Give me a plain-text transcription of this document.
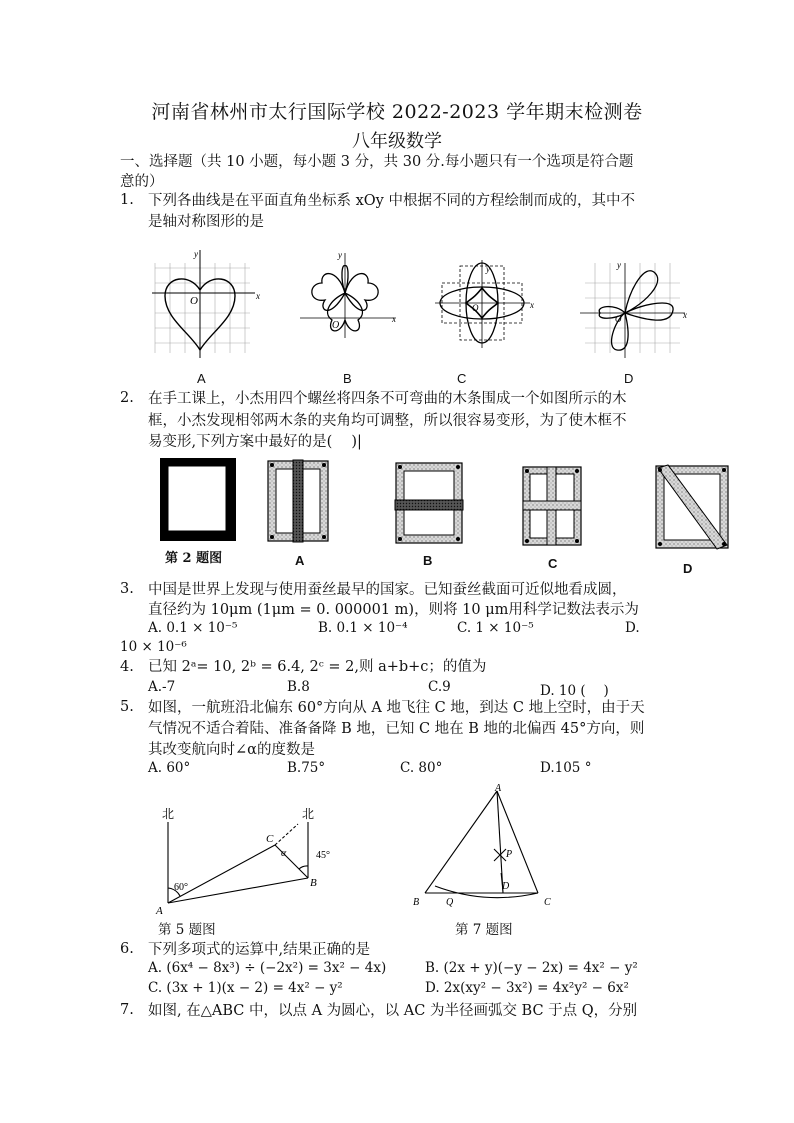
河南省林州市太行国际学校 2022-2023 学年期末检测卷
八年级数学
一、选择题（共 10 小题，每小题 3 分，共 30 分.每小题只有一个选项是符合题
意的）
1. 下列各曲线是在平面直角坐标系 xOy 中根据不同的方程绘制而成的，其中不
是轴对称图形的是
O	x
y
O
x
y
O	x
y
O	x
y
A	B	C	D
2. 在手工课上，小杰用四个螺丝将四条不可弯曲的木条围成一个如图所示的木
框，小杰发现相邻两木条的夹角均可调整，所以很容易变形，为了使木框不
易变形,下列方案中最好的是(　 )|
第 2 题图	A	B	C	D
3. 中国是世界上发现与使用蚕丝最早的国家。已知蚕丝截面可近似地看成圆，
直径约为 10μm (1μm = 0. 000001 m)，则将 10 μm用科学记数法表示为
A. 0.1 × 10⁻⁵	B. 0.1 × 10⁻⁴	C. 1 × 10⁻⁵	D.
10 × 10⁻⁶
4. 已知 2ᵃ= 10, 2ᵇ = 6.4, 2ᶜ = 2,则 a+b+c；的值为
A.-7	B.8	C.9	D. 10 (　 )
5. 如图，一航班沿北偏东 60°方向从 A 地飞往 C 地，到达 C 地上空时，由于天
气情况不适合着陆、准备备降 B 地，已知 C 地在 B 地的北偏西 45°方向，则
其改变航向时∠α的度数是
A. 60°	B.75°	C. 80°	D.105 °
北	北
A
B
C
α
60°
45°
第 5 题图
A
B	C
D
P
Q
第 7 题图
6. 下列多项式的运算中,结果正确的是
A. (6x⁴ − 8x³) ÷ (−2x²) = 3x² − 4x)	B. (2x + y)(−y − 2x) = 4x² − y²
C. (3x + 1)(x − 2) = 4x² − y²	D. 2x(xy² − 3x²) = 4x²y² − 6x²
7. 如图, 在△ABC 中，以点 A 为圆心，以 AC 为半径画弧交 BC 于点 Q，分别
